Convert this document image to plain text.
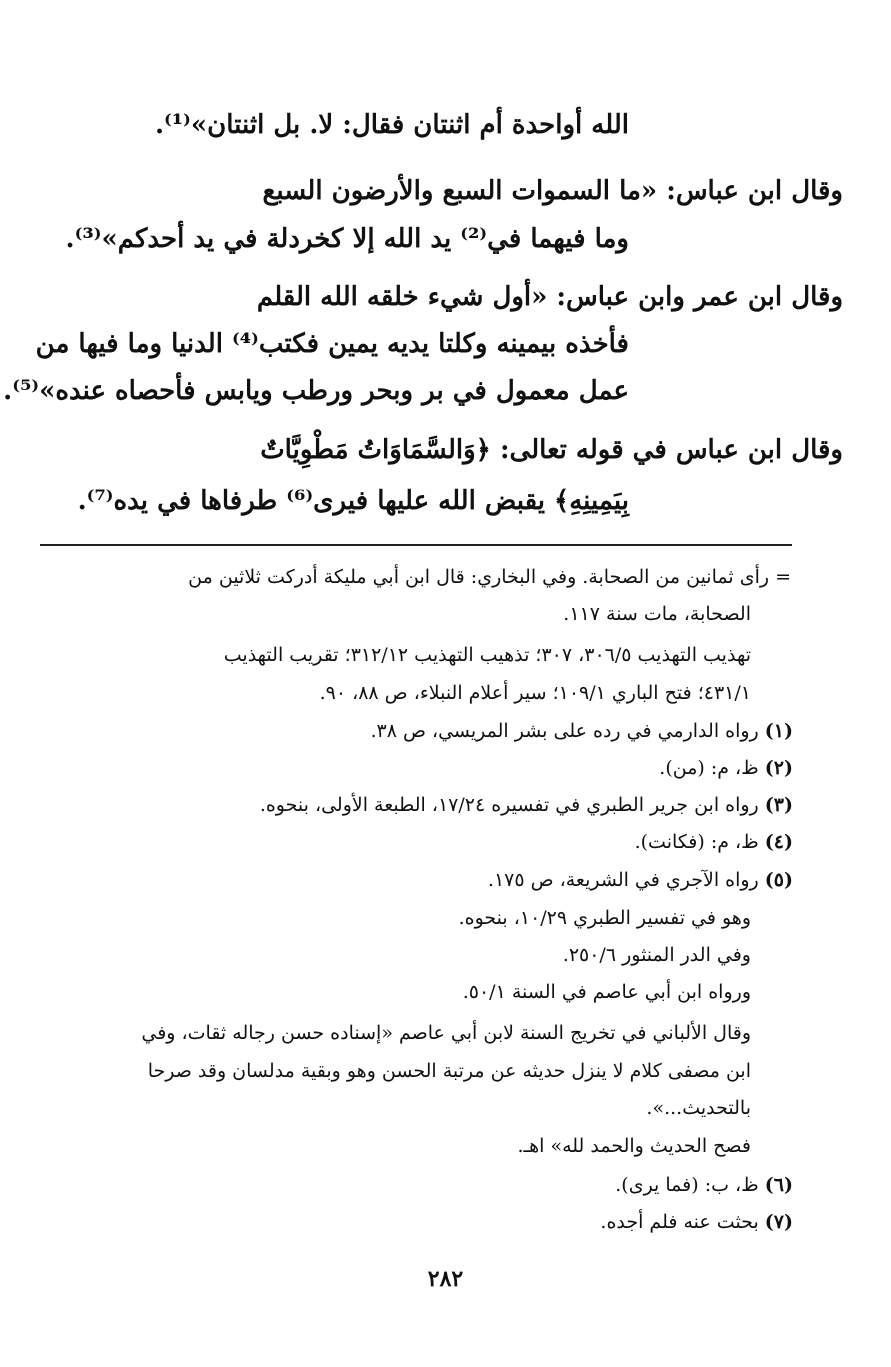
الله أواحدة أم اثنتان فقال: لا. بل اثنتان»⁽¹⁾.
وقال ابن عباس: «ما السموات السبع والأرضون السبع
وما فيهما في⁽²⁾ يد الله إلا كخردلة في يد أحدكم»⁽³⁾.
وقال ابن عمر وابن عباس: «أول شيء خلقه الله القلم
فأخذه بيمينه وكلتا يديه يمين فكتب⁽⁴⁾ الدنيا وما فيها من
عمل معمول في بر وبحر ورطب ويابس فأحصاه عنده»⁽⁵⁾.
وقال ابن عباس في قوله تعالى: ﴿وَالسَّمَاوَاتُ مَطْوِيَّاتٌ
بِيَمِينِهِ﴾ يقبض الله عليها فيرى⁽⁶⁾ طرفاها في يده⁽⁷⁾.
= رأى ثمانين من الصحابة. وفي البخاري: قال ابن أبي مليكة أدركت ثلاثين من
الصحابة، مات سنة ١١٧.
تهذيب التهذيب ٣٠٦/٥، ٣٠٧؛ تذهيب التهذيب ٣١٢/١٢؛ تقريب التهذيب
٤٣١/١؛ فتح الباري ١٠٩/١؛ سير أعلام النبلاء، ص ٨٨، ٩٠.
(١) رواه الدارمي في رده على بشر المريسي، ص ٣٨.
(٢) ظ، م: (من).
(٣) رواه ابن جرير الطبري في تفسيره ١٧/٢٤، الطبعة الأولى، بنحوه.
(٤) ظ، م: (فكانت).
(٥) رواه الآجري في الشريعة، ص ١٧٥.
وهو في تفسير الطبري ١٠/٢٩، بنحوه.
وفي الدر المنثور ٢٥٠/٦.
ورواه ابن أبي عاصم في السنة ٥٠/١.
وقال الألباني في تخريج السنة لابن أبي عاصم «إسناده حسن رجاله ثقات، وفي
ابن مصفى كلام لا ينزل حديثه عن مرتبة الحسن وهو وبقية مدلسان وقد صرحا
بالتحديث...».
فصح الحديث والحمد لله» اهـ.
(٦) ظ، ب: (فما يرى).
(٧) بحثت عنه فلم أجده.
٢٨٢
